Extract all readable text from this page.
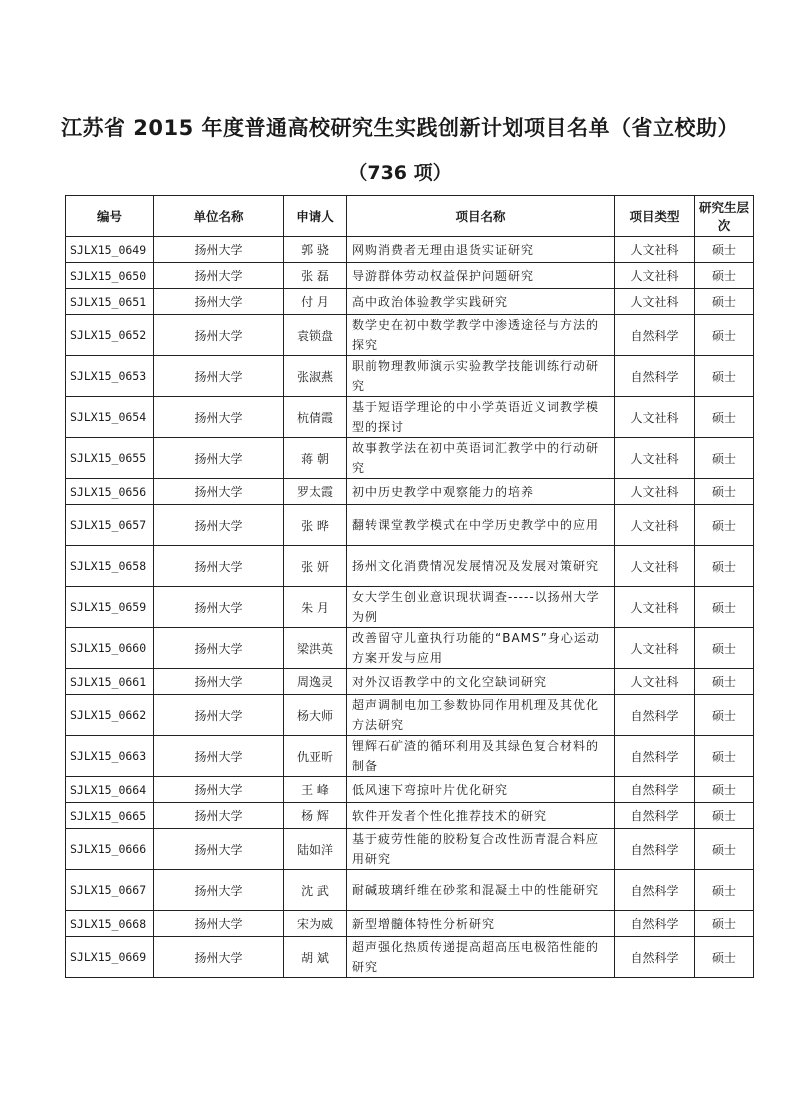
江苏省 2015 年度普通高校研究生实践创新计划项目名单（省立校助）
（736 项）
编号	单位名称	申请人	项目名称	项目类型	研究生层次
SJLX15_0649	扬州大学	郭 骁	网购消费者无理由退货实证研究	人文社科	硕士
SJLX15_0650	扬州大学	张 磊	导游群体劳动权益保护问题研究	人文社科	硕士
SJLX15_0651	扬州大学	付 月	高中政治体验教学实践研究	人文社科	硕士
SJLX15_0652	扬州大学	袁锁盘	数学史在初中数学教学中渗透途径与方法的探究	自然科学	硕士
SJLX15_0653	扬州大学	张淑燕	职前物理教师演示实验教学技能训练行动研究	自然科学	硕士
SJLX15_0654	扬州大学	杭倩霞	基于短语学理论的中小学英语近义词教学模型的探讨	人文社科	硕士
SJLX15_0655	扬州大学	蒋 朝	故事教学法在初中英语词汇教学中的行动研究	人文社科	硕士
SJLX15_0656	扬州大学	罗太霞	初中历史教学中观察能力的培养	人文社科	硕士
SJLX15_0657	扬州大学	张 晔	翻转课堂教学模式在中学历史教学中的应用	人文社科	硕士
SJLX15_0658	扬州大学	张 妍	扬州文化消费情况发展情况及发展对策研究	人文社科	硕士
SJLX15_0659	扬州大学	朱 月	女大学生创业意识现状调查-----以扬州大学为例	人文社科	硕士
SJLX15_0660	扬州大学	梁洪英	改善留守儿童执行功能的“BAMS”身心运动方案开发与应用	人文社科	硕士
SJLX15_0661	扬州大学	周逸灵	对外汉语教学中的文化空缺词研究	人文社科	硕士
SJLX15_0662	扬州大学	杨大师	超声调制电加工参数协同作用机理及其优化方法研究	自然科学	硕士
SJLX15_0663	扬州大学	仇亚昕	锂辉石矿渣的循环利用及其绿色复合材料的制备	自然科学	硕士
SJLX15_0664	扬州大学	王 峰	低风速下弯掠叶片优化研究	自然科学	硕士
SJLX15_0665	扬州大学	杨 辉	软件开发者个性化推荐技术的研究	自然科学	硕士
SJLX15_0666	扬州大学	陆如洋	基于疲劳性能的胶粉复合改性沥青混合料应用研究	自然科学	硕士
SJLX15_0667	扬州大学	沈 武	耐碱玻璃纤维在砂浆和混凝土中的性能研究	自然科学	硕士
SJLX15_0668	扬州大学	宋为威	新型增髓体特性分析研究	自然科学	硕士
SJLX15_0669	扬州大学	胡 斌	超声强化热质传递提高超高压电极箔性能的研究	自然科学	硕士
